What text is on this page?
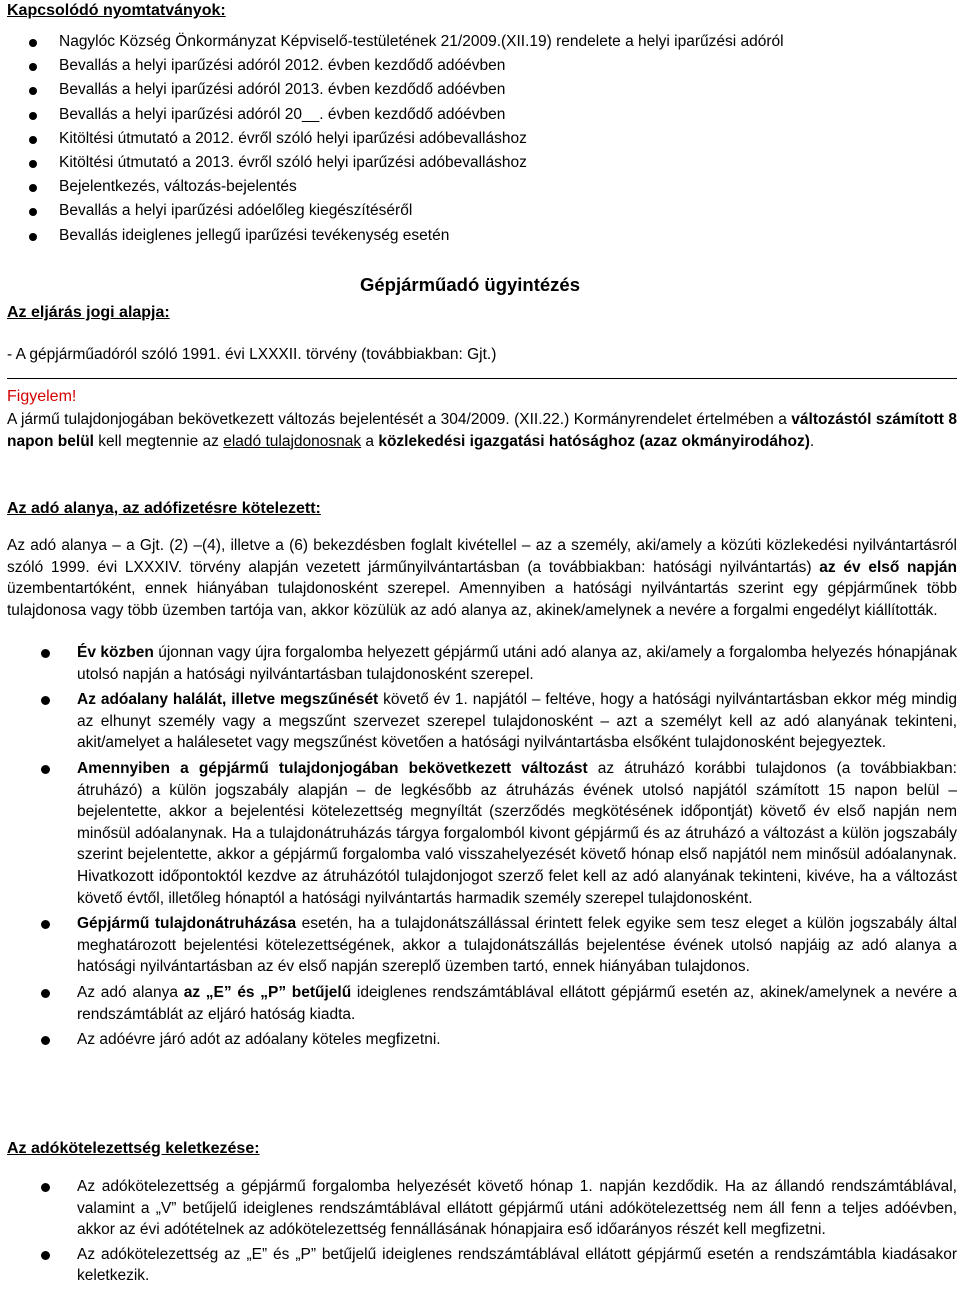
Kapcsolódó nyomtatványok:
Nagylóc Község Önkormányzat Képviselő-testületének 21/2009.(XII.19) rendelete a helyi iparűzési adóról
Bevallás a helyi iparűzési adóról 2012. évben kezdődő adóévben
Bevallás a helyi iparűzési adóról 2013. évben kezdődő adóévben
Bevallás a helyi iparűzési adóról 20__. évben kezdődő adóévben
Kitöltési útmutató a 2012. évről szóló helyi iparűzési adóbevalláshoz
Kitöltési útmutató a 2013. évről szóló helyi iparűzési adóbevalláshoz
Bejelentkezés, változás-bejelentés
Bevallás a helyi iparűzési adóelőleg kiegészítéséről
Bevallás ideiglenes jellegű iparűzési tevékenység esetén
Gépjárműadó ügyintézés
Az eljárás jogi alapja:
- A gépjárműadóról szóló 1991. évi LXXXII. törvény (továbbiakban: Gjt.)
Figyelem!
A jármű tulajdonjogában bekövetkezett változás bejelentését a 304/2009. (XII.22.) Kormányrendelet értelmében a változástól számított 8 napon belül kell megtennie az eladó tulajdonosnak a közlekedési igazgatási hatósághoz (azaz okmányirodához).
Az adó alanya, az adófizetésre kötelezett:
Az adó alanya – a Gjt. (2) –(4), illetve a (6) bekezdésben foglalt kivétellel – az a személy, aki/amely a közúti közlekedési nyilvántartásról szóló 1999. évi LXXXIV. törvény alapján vezetett járműnyilvántartásban (a továbbiakban: hatósági nyilvántartás) az év első napján üzembentartóként, ennek hiányában tulajdonosként szerepel. Amennyiben a hatósági nyilvántartás szerint egy gépjárműnek több tulajdonosa vagy több üzemben tartója van, akkor közülük az adó alanya az, akinek/amelynek a nevére a forgalmi engedélyt kiállították.
Év közben újonnan vagy újra forgalomba helyezett gépjármű utáni adó alanya az, aki/amely a forgalomba helyezés hónapjának utolsó napján a hatósági nyilvántartásban tulajdonosként szerepel.
Az adóalany halálát, illetve megszűnését követő év 1. napjától – feltéve, hogy a hatósági nyilvántartásban ekkor még mindig az elhunyt személy vagy a megszűnt szervezet szerepel tulajdonosként – azt a személyt kell az adó alanyának tekinteni, akit/amelyet a halálesetet vagy megszűnést követően a hatósági nyilvántartásba elsőként tulajdonosként bejegyeztek.
Amennyiben a gépjármű tulajdonjogában bekövetkezett változást az átruházó korábbi tulajdonos (a továbbiakban: átruházó) a külön jogszabály alapján – de legkésőbb az átruházás évének utolsó napjától számított 15 napon belül – bejelentette, akkor a bejelentési kötelezettség megnyíltát (szerződés megkötésének időpontját) követő év első napján nem minősül adóalanynak. Ha a tulajdonátruházás tárgya forgalomból kivont gépjármű és az átruházó a változást a külön jogszabály szerint bejelentette, akkor a gépjármű forgalomba való visszahelyezését követő hónap első napjától nem minősül adóalanynak. Hivatkozott időpontoktól kezdve az átruházótól tulajdonjogot szerző felet kell az adó alanyának tekinteni, kivéve, ha a változást követő évtől, illetőleg hónaptól a hatósági nyilvántartás harmadik személy szerepel tulajdonosként.
Gépjármű tulajdonátruházása esetén, ha a tulajdonátszállással érintett felek egyike sem tesz eleget a külön jogszabály által meghatározott bejelentési kötelezettségének, akkor a tulajdonátszállás bejelentése évének utolsó napjáig az adó alanya a hatósági nyilvántartásban az év első napján szereplő üzemben tartó, ennek hiányában tulajdonos.
Az adó alanya az „E” és „P” betűjelű ideiglenes rendszámtáblával ellátott gépjármű esetén az, akinek/amelynek a nevére a rendszámtáblát az eljáró hatóság kiadta.
Az adóévre járó adót az adóalany köteles megfizetni.
Az adókötelezettség keletkezése:
Az adókötelezettség a gépjármű forgalomba helyezését követő hónap 1. napján kezdődik. Ha az állandó rendszámtáblával, valamint a „V” betűjelű ideiglenes rendszámtáblával ellátott gépjármű utáni adókötelezettség nem áll fenn a teljes adóévben, akkor az évi adótételnek az adókötelezettség fennállásának hónapjaira eső időarányos részét kell megfizetni.
Az adókötelezettség az „E” és „P” betűjelű ideiglenes rendszámtáblával ellátott gépjármű esetén a rendszámtábla kiadásakor keletkezik.
